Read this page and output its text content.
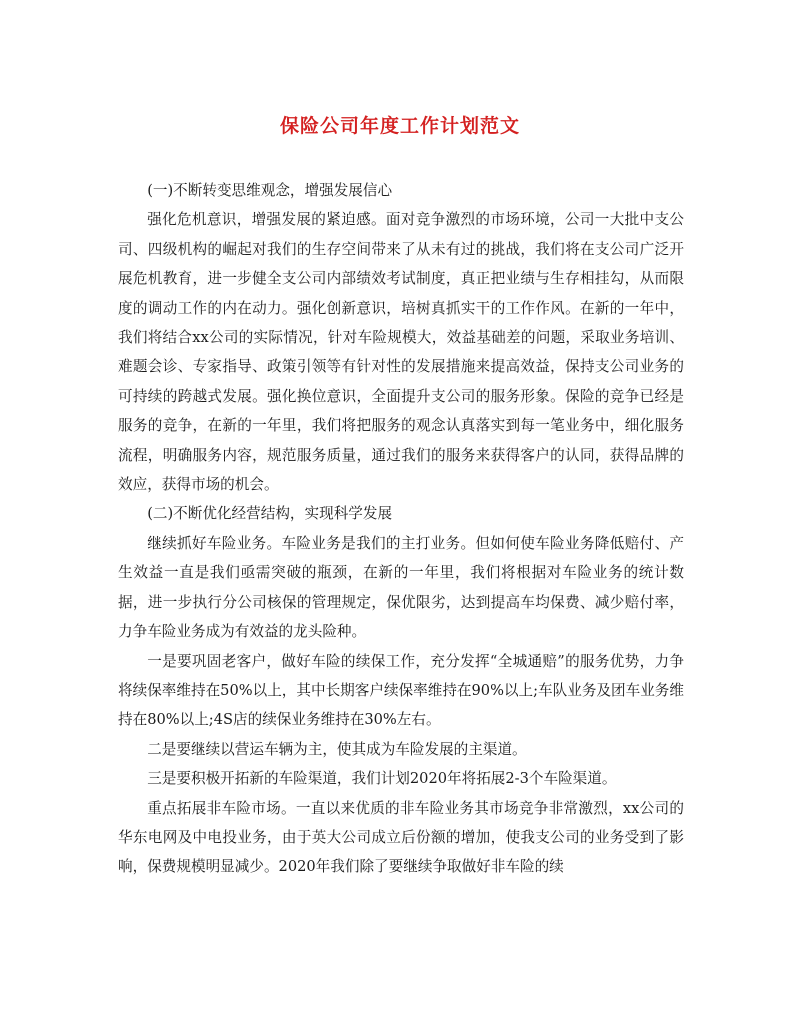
保险公司年度工作计划范文

(一)不断转变思维观念，增强发展信心

强化危机意识，增强发展的紧迫感。面对竞争激烈的市场环境，公司一大批中支公司、四级机构的崛起对我们的生存空间带来了从未有过的挑战，我们将在支公司广泛开展危机教育，进一步健全支公司内部绩效考试制度，真正把业绩与生存相挂勾，从而限度的调动工作的内在动力。强化创新意识，培树真抓实干的工作作风。在新的一年中，我们将结合xx公司的实际情况，针对车险规模大，效益基础差的问题，采取业务培训、难题会诊、专家指导、政策引领等有针对性的发展措施来提高效益，保持支公司业务的可持续的跨越式发展。强化换位意识，全面提升支公司的服务形象。保险的竞争已经是服务的竞争，在新的一年里，我们将把服务的观念认真落实到每一笔业务中，细化服务流程，明确服务内容，规范服务质量，通过我们的服务来获得客户的认同，获得品牌的效应，获得市场的机会。

(二)不断优化经营结构，实现科学发展

继续抓好车险业务。车险业务是我们的主打业务。但如何使车险业务降低赔付、产生效益一直是我们亟需突破的瓶颈，在新的一年里，我们将根据对车险业务的统计数据，进一步执行分公司核保的管理规定，保优限劣，达到提高车均保费、减少赔付率，力争车险业务成为有效益的龙头险种。

一是要巩固老客户，做好车险的续保工作，充分发挥“全城通赔”的服务优势，力争将续保率维持在50%以上，其中长期客户续保率维持在90%以上;车队业务及团车业务维持在80%以上;4S店的续保业务维持在30%左右。

二是要继续以营运车辆为主，使其成为车险发展的主渠道。

三是要积极开拓新的车险渠道，我们计划2020年将拓展2-3个车险渠道。

重点拓展非车险市场。一直以来优质的非车险业务其市场竞争非常激烈，xx公司的华东电网及中电投业务，由于英大公司成立后份额的增加，使我支公司的业务受到了影响，保费规模明显减少。2020年我们除了要继续争取做好非车险的续
